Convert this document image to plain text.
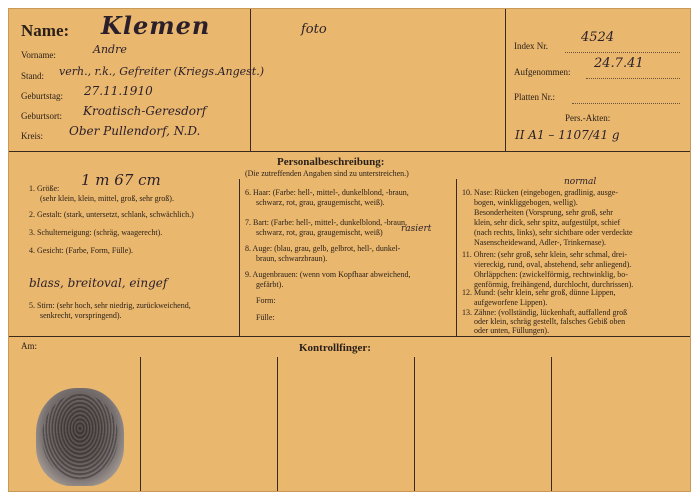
Name: Klemen
Vorname:	Andre
Stand: verh., r.k., Gefreiter (Kriegs.Angest.)
Geburtstag: 27.11.1910
Geburtsort: Kroatisch-Geresdorf
Kreis: Ober Pullendorf, N.D.
foto
Index Nr.
4524
Aufgenommen:
24.7.41
Platten Nr.:
Pers.-Akten:
II A1 – 1107/41 g
Personalbeschreibung:
(Die zutreffenden Angaben sind zu unterstreichen.)
1. Größe: 1 m 67 cm
(sehr klein, klein, mittel, groß, sehr groß).
2. Gestalt: (stark, untersetzt, schlank, schwächlich.)
3. Schulterneigung: (schräg, waagerecht).
4. Gesicht: (Farbe, Form, Fülle).
blass, breitoval, eingef
5. Stirn: (sehr hoch, sehr niedrig, zurückweichend,
senkrecht, vorspringend).
6. Haar: (Farbe: hell-, mittel-, dunkelblond, -braun,
schwarz, rot, grau, graugemischt, weiß).
7. Bart: (Farbe: hell-, mittel-, dunkelblond, -braun,
schwarz, rot, grau, graugemischt, weiß) rasiert
8. Auge: (blau, grau, gelb, gelbrot, hell-, dunkel-
braun, schwarzbraun).
9. Augenbrauen: (wenn vom Kopfhaar abweichend,
gefärbt).
Form:
Fülle:
normal
10. Nase: Rücken (eingebogen, gradlinig, ausge-
bogen, winkliggebogen, wellig).
Besonderheiten (Vorsprung, sehr groß, sehr
klein, sehr dick, sehr spitz, aufgestülpt, schief
(nach rechts, links), sehr sichtbare oder verdeckte
Nasenscheidewand, Adler-, Trinkernase).
11. Ohren: (sehr groß, sehr klein, sehr schmal, drei-
viereckig, rund, oval, abstehend, sehr anliegend).
Ohrläppchen: (zwickelförmig, rechtwinklig, bo-
genförmig, freihängend, durchlocht, durchrissen).
12. Mund: (sehr klein, sehr groß, dünne Lippen,
aufgeworfene Lippen).
13. Zähne: (vollständig, lückenhaft, auffallend groß
oder klein, schräg gestellt, falsches Gebiß oben
oder unten, Füllungen).
Am:	Kontrollfinger:
